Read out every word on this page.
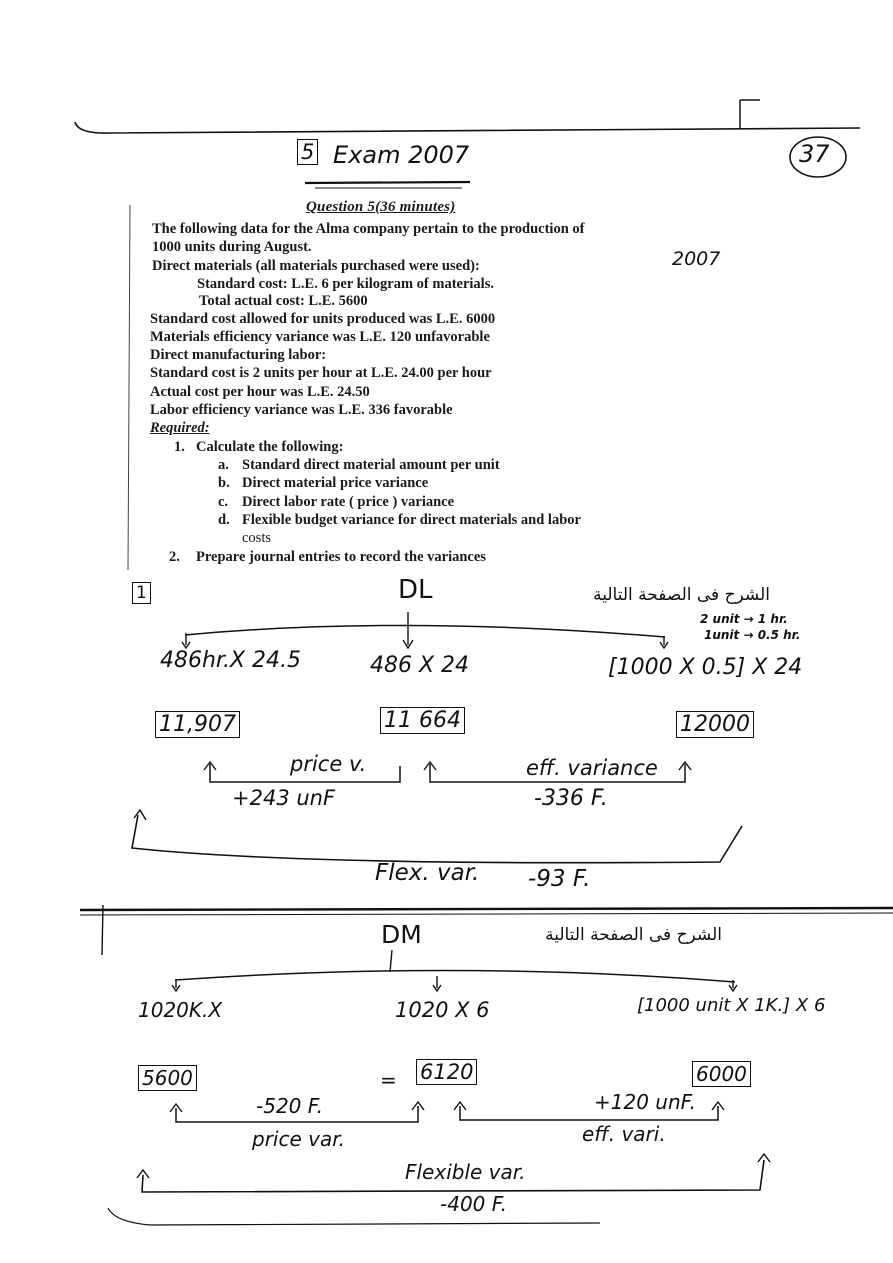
5 Exam 2007	37
2007
Question 5(36 minutes)
The following data for the Alma company pertain to the production of
1000 units during August.
Direct materials (all materials purchased were used):
Standard cost: L.E. 6 per kilogram of materials.
Total actual cost: L.E. 5600
Standard cost allowed for units produced was L.E. 6000
Materials efficiency variance was L.E. 120 unfavorable
Direct manufacturing labor:
Standard cost is 2 units per hour at L.E. 24.00 per hour
Actual cost per hour was L.E. 24.50
Labor efficiency variance was L.E. 336 favorable
Required:
1. Calculate the following:
a. Standard direct material amount per unit
b. Direct material price variance
c. Direct labor rate ( price ) variance
d. Flexible budget variance for direct materials and labor
costs
2. Prepare journal entries to record the variances
1	DL	الشرح فى الصفحة التالية
2 unit → 1 hr.
1unit → 0.5 hr.
486hr.X 24.5	486 X 24	[1000 X 0.5] X 24
11,907	11 664	12000
price v.	eff. variance
+243 unF	-336 F.
Flex. var. -93 F.
DM	الشرح فى الصفحة التالية
1020K.X	1020 X 6	[1000 unit X 1K.] X 6
5600	= 6120	6000
-520 F.	+120 unF.
price var.	eff. vari.
Flexible var.
-400 F.
